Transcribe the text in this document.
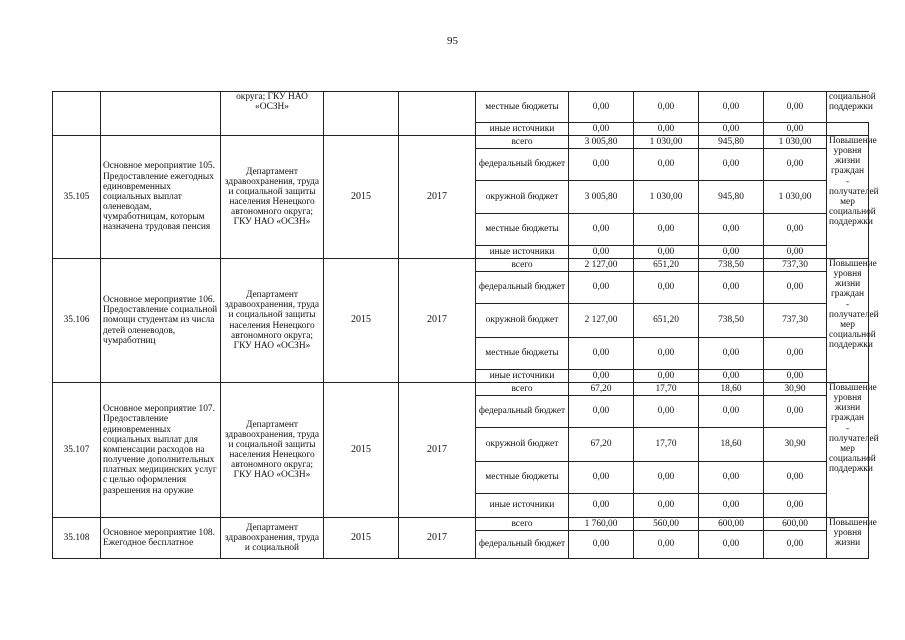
95
		округа; ГКУ НАО «ОСЗН»			местные бюджеты	0,00	0,00	0,00	0,00	социальной поддержки
					иные источники	0,00	0,00	0,00	0,00	
35.105	Основное мероприятие 105. Предоставление ежегодных единовременных социальных выплат оленеводам, чумработницам, которым назначена трудовая пенсия	Департамент здравоохранения, труда и социальной защиты населения Ненецкого автономного округа; ГКУ НАО «ОСЗН»	2015	2017	всего	3 005,80	1 030,00	945,80	1 030,00	Повышение уровня жизни граждан - получателей мер социальной поддержки
					федеральный бюджет	0,00	0,00	0,00	0,00	
					окружной бюджет	3 005,80	1 030,00	945,80	1 030,00	
					местные бюджеты	0,00	0,00	0,00	0,00	
					иные источники	0,00	0,00	0,00	0,00	
35.106	Основное мероприятие 106. Предоставление социальной помощи студентам из числа детей оленеводов, чумработниц	Департамент здравоохранения, труда и социальной защиты населения Ненецкого автономного округа; ГКУ НАО «ОСЗН»	2015	2017	всего	2 127,00	651,20	738,50	737,30	Повышение уровня жизни граждан - получателей мер социальной поддержки
					федеральный бюджет	0,00	0,00	0,00	0,00	
					окружной бюджет	2 127,00	651,20	738,50	737,30	
					местные бюджеты	0,00	0,00	0,00	0,00	
					иные источники	0,00	0,00	0,00	0,00	
35.107	Основное мероприятие 107. Предоставление единовременных социальных выплат для компенсации расходов на получение дополнительных платных медицинских услуг с целью оформления разрешения на оружие	Департамент здравоохранения, труда и социальной защиты населения Ненецкого автономного округа; ГКУ НАО «ОСЗН»	2015	2017	всего	67,20	17,70	18,60	30,90	Повышение уровня жизни граждан - получателей мер социальной поддержки
					федеральный бюджет	0,00	0,00	0,00	0,00	
					окружной бюджет	67,20	17,70	18,60	30,90	
					местные бюджеты	0,00	0,00	0,00	0,00	
					иные источники	0,00	0,00	0,00	0,00	
35.108	Основное мероприятие 108. Ежегодное бесплатное	Департамент здравоохранения, труда и социальной	2015	2017	всего	1 760,00	560,00	600,00	600,00	Повышение уровня жизни
					федеральный бюджет	0,00	0,00	0,00	0,00	
